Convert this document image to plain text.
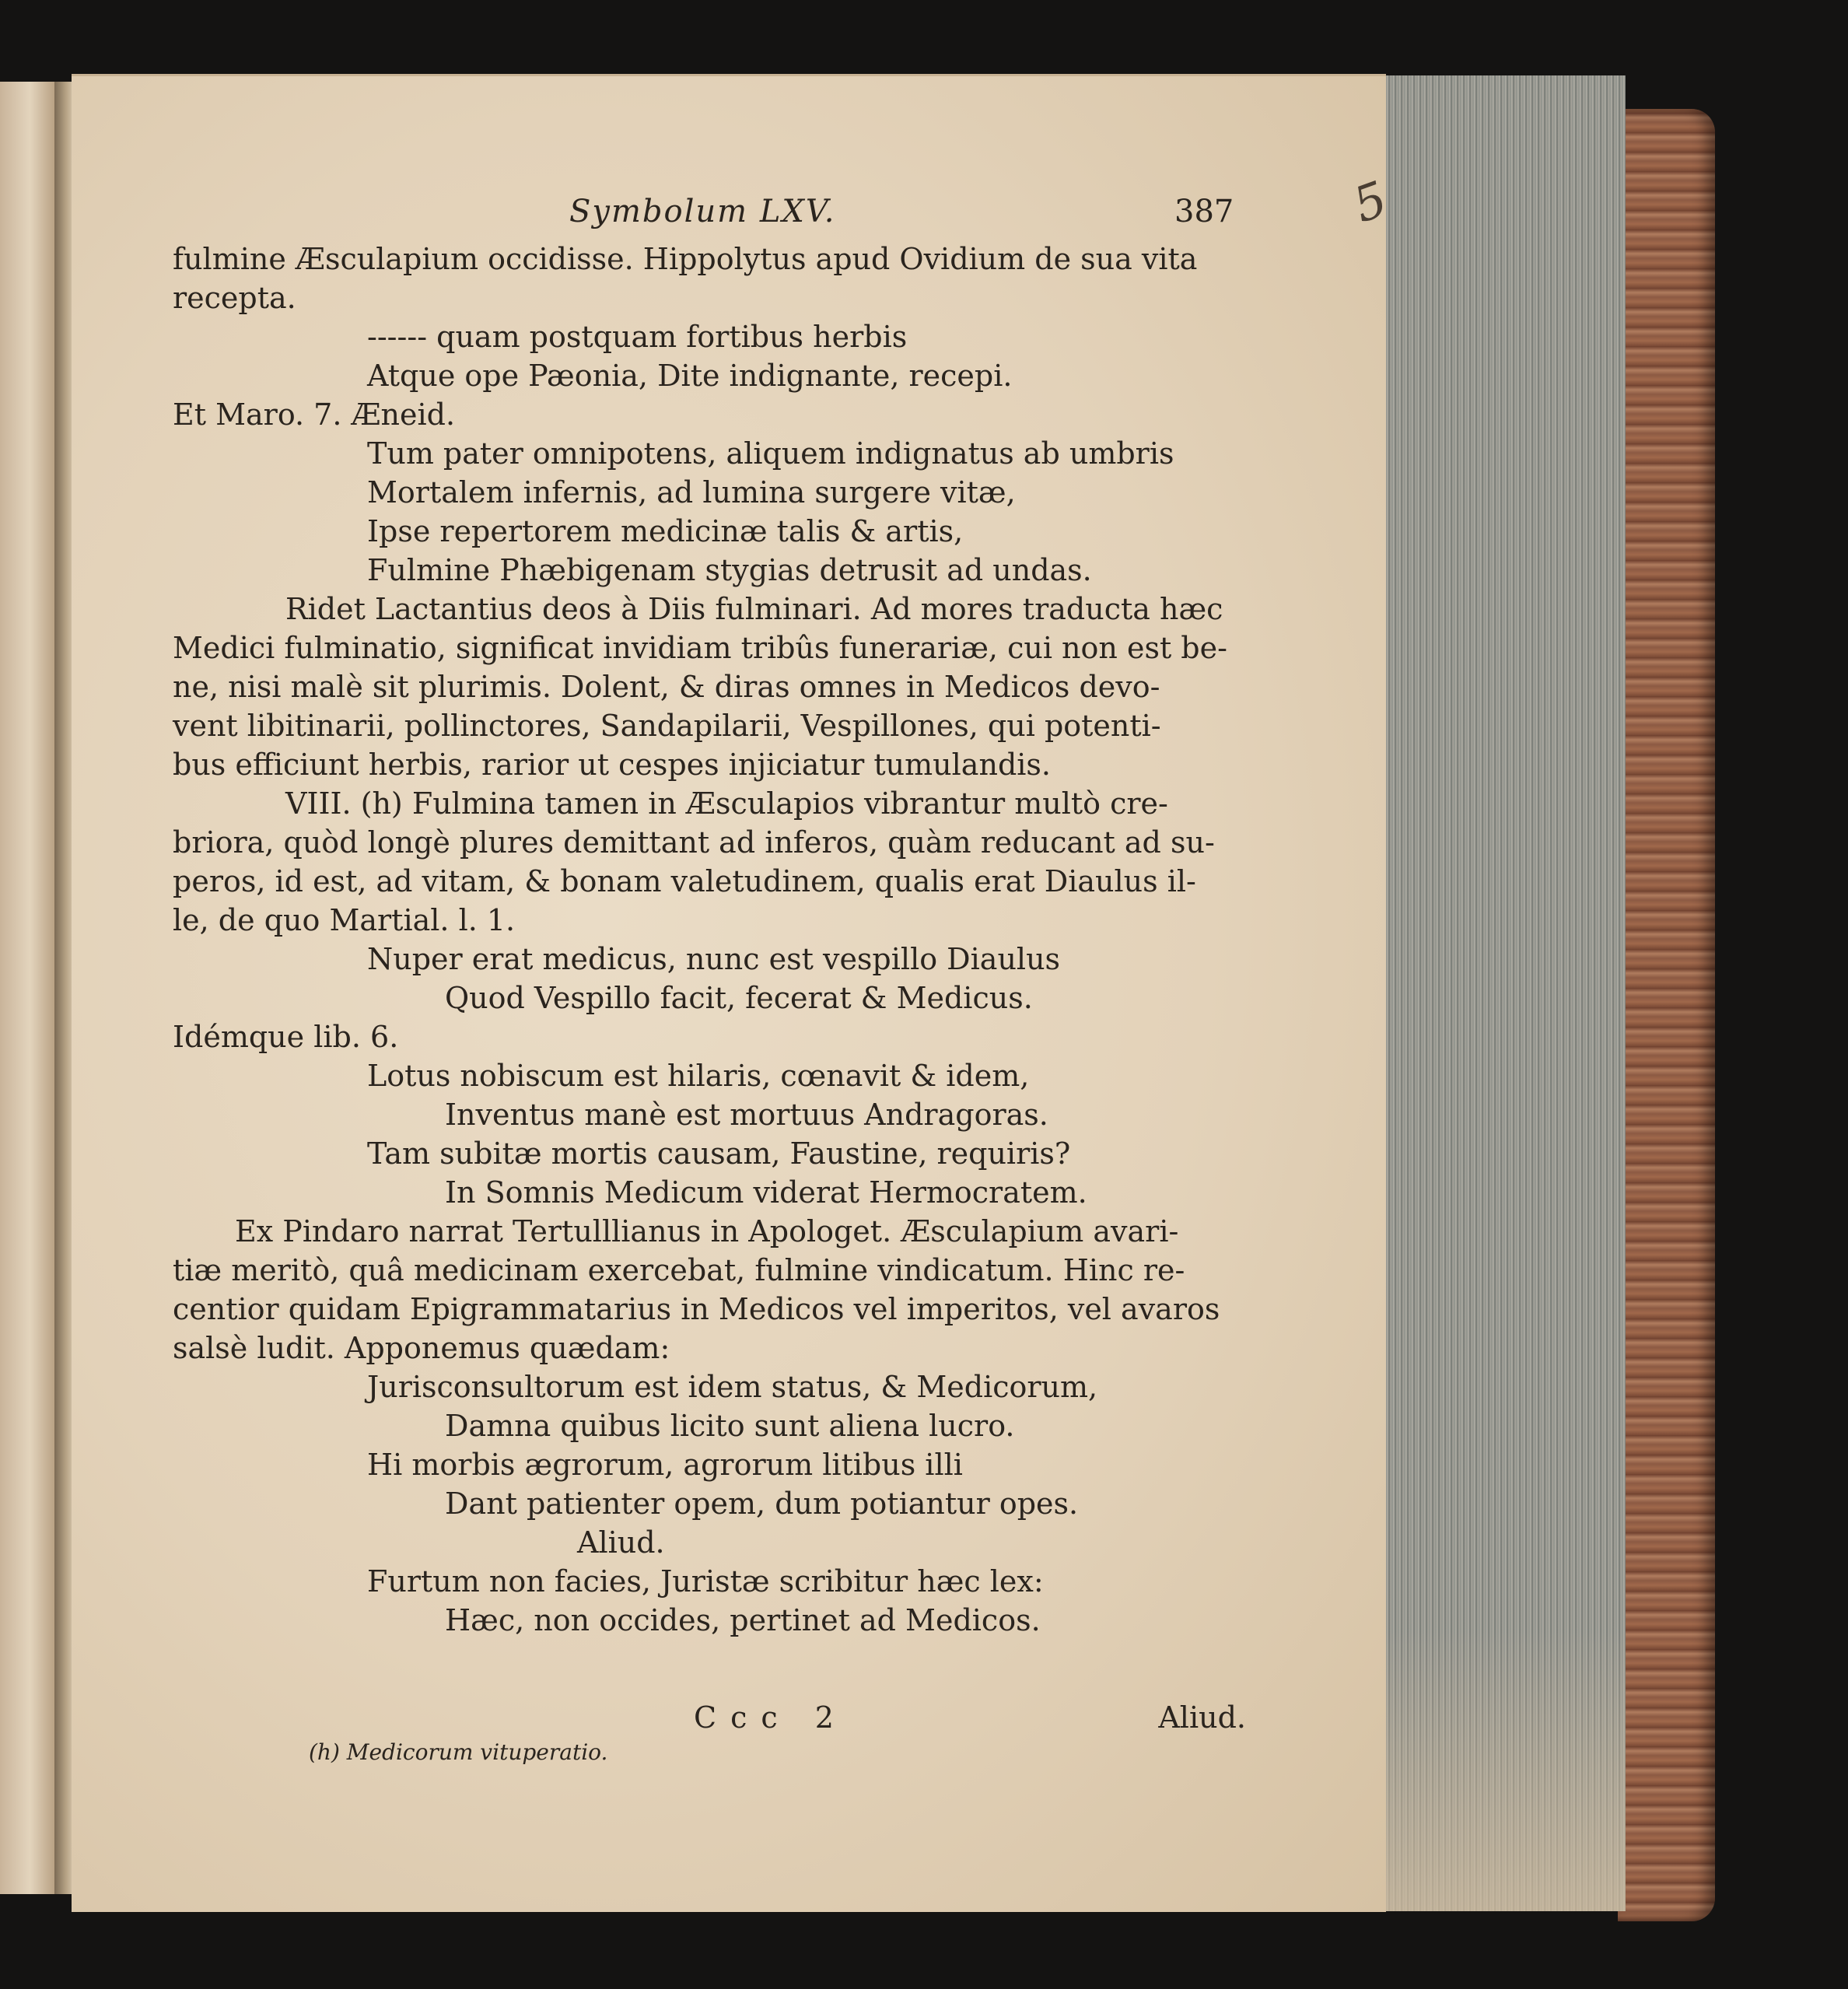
Symbolum LXV.	387 5
fulmine Æsculapium occidisse. Hippolytus apud Ovidium de sua vita
recepta.
------ quam postquam fortibus herbis
Atque ope Pæonia, Dite indignante, recepi.
Et Maro. 7. Æneid.
Tum pater omnipotens, aliquem indignatus ab umbris
Mortalem infernis, ad lumina surgere vitæ,
Ipse repertorem medicinæ talis & artis,
Fulmine Phæbigenam stygias detrusit ad undas.
Ridet Lactantius deos à Diis fulminari. Ad mores traducta hæc
Medici fulminatio, significat invidiam tribûs funerariæ, cui non est be-
ne, nisi malè sit plurimis. Dolent, & diras omnes in Medicos devo-
vent libitinarii, pollinctores, Sandapilarii, Vespillones, qui potenti-
bus efficiunt herbis, rarior ut cespes injiciatur tumulandis.
VIII. (h) Fulmina tamen in Æsculapios vibrantur multò cre-
briora, quòd longè plures demittant ad inferos, quàm reducant ad su-
peros, id est, ad vitam, & bonam valetudinem, qualis erat Diaulus il-
le, de quo Martial. l. 1.
Nuper erat medicus, nunc est vespillo Diaulus
Quod Vespillo facit, fecerat & Medicus.
Idémque lib. 6.
Lotus nobiscum est hilaris, cœnavit & idem,
Inventus manè est mortuus Andragoras.
Tam subitæ mortis causam, Faustine, requiris?
In Somnis Medicum viderat Hermocratem.
Ex Pindaro narrat Tertulllianus in Apologet. Æsculapium avari-
tiæ meritò, quâ medicinam exercebat, fulmine vindicatum. Hinc re-
centior quidam Epigrammatarius in Medicos vel imperitos, vel avaros
salsè ludit. Apponemus quædam:
Jurisconsultorum est idem status, & Medicorum,
Damna quibus licito sunt aliena lucro.
Hi morbis ægrorum, agrorum litibus illi
Dant patienter opem, dum potiantur opes.
Aliud.
Furtum non facies, Juristæ scribitur hæc lex:
Hæc, non occides, pertinet ad Medicos.
Ccc 2	Aliud.
(h) Medicorum vituperatio.
